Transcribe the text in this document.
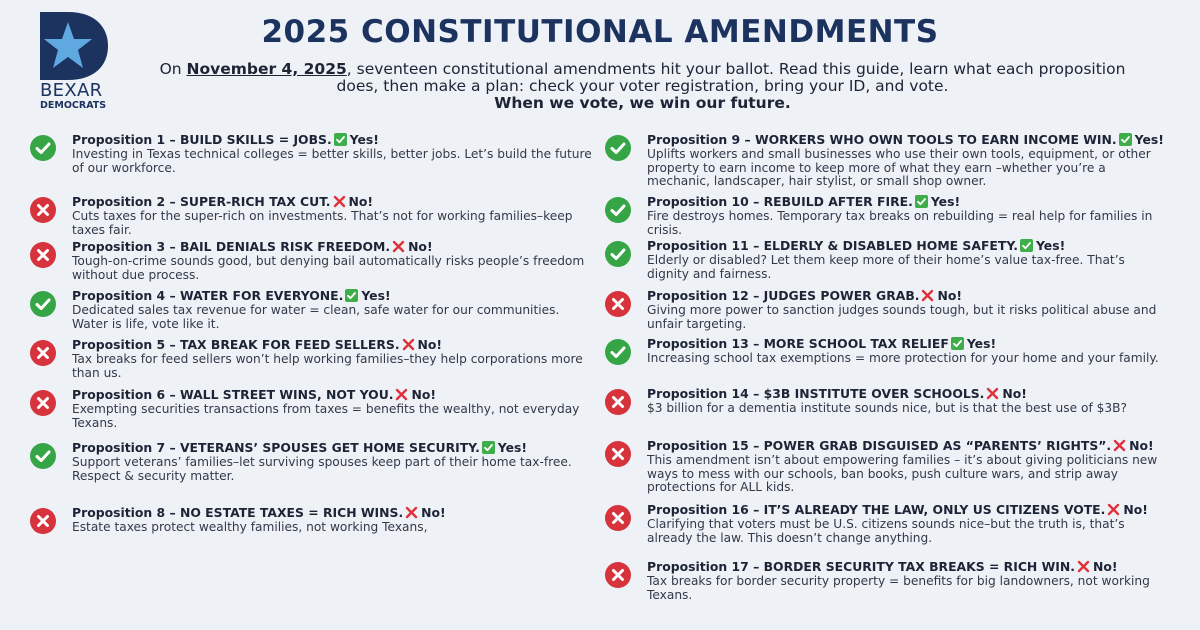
BEXAR
DEMOCRATS
2025 CONSTITUTIONAL AMENDMENTS
On November 4, 2025, seventeen constitutional amendments hit your ballot. Read this guide, learn what each proposition does, then make a plan: check your voter registration, bring your ID, and vote.
When we vote, we win our future.
Proposition 1 – BUILD SKILLS = JOBS. Yes!
Investing in Texas technical colleges = better skills, better jobs. Let’s build the future of our workforce.
Proposition 2 – SUPER-RICH TAX CUT. No!
Cuts taxes for the super-rich on investments. That’s not for working families–keep taxes fair.
Proposition 3 – BAIL DENIALS RISK FREEDOM. No!
Tough-on-crime sounds good, but denying bail automatically risks people’s freedom without due process.
Proposition 4 – WATER FOR EVERYONE. Yes!
Dedicated sales tax revenue for water = clean, safe water for our communities. Water is life, vote like it.
Proposition 5 – TAX BREAK FOR FEED SELLERS. No!
Tax breaks for feed sellers won’t help working families–they help corporations more than us.
Proposition 6 – WALL STREET WINS, NOT YOU. No!
Exempting securities transactions from taxes = benefits the wealthy, not everyday Texans.
Proposition 7 – VETERANS’ SPOUSES GET HOME SECURITY. Yes!
Support veterans’ families–let surviving spouses keep part of their home tax-free. Respect & security matter.
Proposition 8 – NO ESTATE TAXES = RICH WINS. No!
Estate taxes protect wealthy families, not working Texans,
Proposition 9 – WORKERS WHO OWN TOOLS TO EARN INCOME WIN. Yes!
Uplifts workers and small businesses who use their own tools, equipment, or other property to earn income to keep more of what they earn –whether you’re a mechanic, landscaper, hair stylist, or small shop owner.
Proposition 10 – REBUILD AFTER FIRE. Yes!
Fire destroys homes. Temporary tax breaks on rebuilding = real help for families in crisis.
Proposition 11 – ELDERLY & DISABLED HOME SAFETY. Yes!
Elderly or disabled? Let them keep more of their home’s value tax-free. That’s dignity and fairness.
Proposition 12 – JUDGES POWER GRAB. No!
Giving more power to sanction judges sounds tough, but it risks political abuse and unfair targeting.
Proposition 13 – MORE SCHOOL TAX RELIEF Yes!
Increasing school tax exemptions = more protection for your home and your family.
Proposition 14 – $3B INSTITUTE OVER SCHOOLS. No!
$3 billion for a dementia institute sounds nice, but is that the best use of $3B?
Proposition 15 – POWER GRAB DISGUISED AS “PARENTS’ RIGHTS”. No!
This amendment isn’t about empowering families – it’s about giving politicians new ways to mess with our schools, ban books, push culture wars, and strip away protections for ALL kids.
Proposition 16 – IT’S ALREADY THE LAW, ONLY US CITIZENS VOTE. No!
Clarifying that voters must be U.S. citizens sounds nice–but the truth is, that’s already the law. This doesn’t change anything.
Proposition 17 – BORDER SECURITY TAX BREAKS = RICH WIN. No!
Tax breaks for border security property = benefits for big landowners, not working Texans.
